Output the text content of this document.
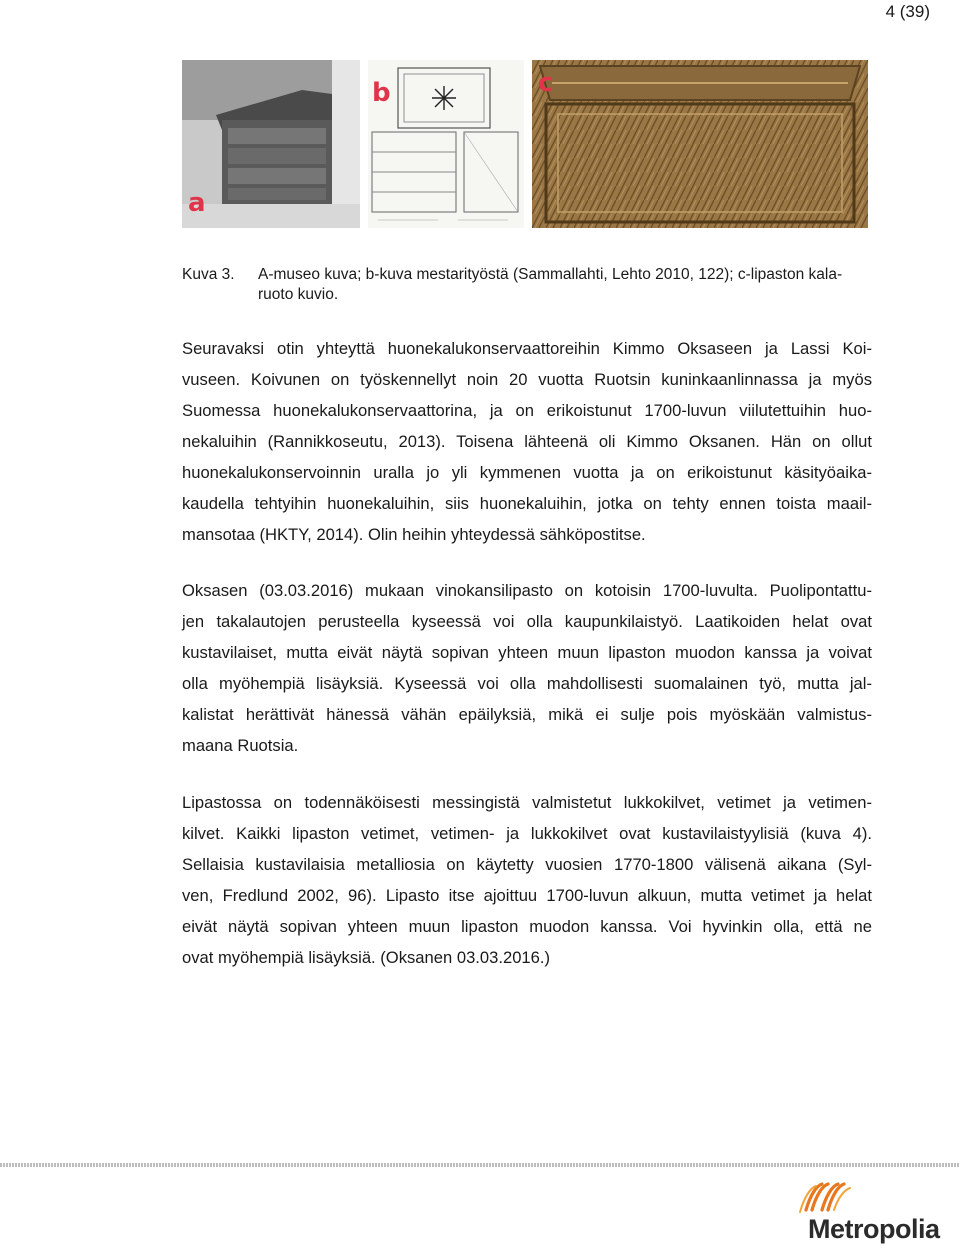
4 (39)
a
b	c
Kuva 3. A-museo kuva; b-kuva mestarityöstä (Sammallahti, Lehto 2010, 122); c-lipaston kala-
ruoto kuvio.
Seuravaksi otin yhteyttä huonekalukonservaattoreihin Kimmo Oksaseen ja Lassi Koi-
vuseen. Koivunen on työskennellyt noin 20 vuotta Ruotsin kuninkaanlinnassa ja myös
Suomessa huonekalukonservaattorina, ja on erikoistunut 1700-luvun viilutettuihin huo-
nekaluihin (Rannikkoseutu, 2013). Toisena lähteenä oli Kimmo Oksanen. Hän on ollut
huonekalukonservoinnin uralla jo yli kymmenen vuotta ja on erikoistunut käsityöaika-
kaudella tehtyihin huonekaluihin, siis huonekaluihin, jotka on tehty ennen toista maail-
mansotaa (HKTY, 2014). Olin heihin yhteydessä sähköpostitse.
Oksasen (03.03.2016) mukaan vinokansilipasto on kotoisin 1700-luvulta. Puolipontattu-
jen takalautojen perusteella kyseessä voi olla kaupunkilaistyö. Laatikoiden helat ovat
kustavilaiset, mutta eivät näytä sopivan yhteen muun lipaston muodon kanssa ja voivat
olla myöhempiä lisäyksiä. Kyseessä voi olla mahdollisesti suomalainen työ, mutta jal-
kalistat herättivät hänessä vähän epäilyksiä, mikä ei sulje pois myöskään valmistus-
maana Ruotsia.
Lipastossa on todennäköisesti messingistä valmistetut lukkokilvet, vetimet ja vetimen-
kilvet. Kaikki lipaston vetimet, vetimen- ja lukkokilvet ovat kustavilaistyylisiä (kuva 4).
Sellaisia kustavilaisia metalliosia on käytetty vuosien 1770-1800 välisenä aikana (Syl-
ven, Fredlund 2002, 96). Lipasto itse ajoittuu 1700-luvun alkuun, mutta vetimet ja helat
eivät näytä sopivan yhteen muun lipaston muodon kanssa. Voi hyvinkin olla, että ne
ovat myöhempiä lisäyksiä. (Oksanen 03.03.2016.)
Metropolia
